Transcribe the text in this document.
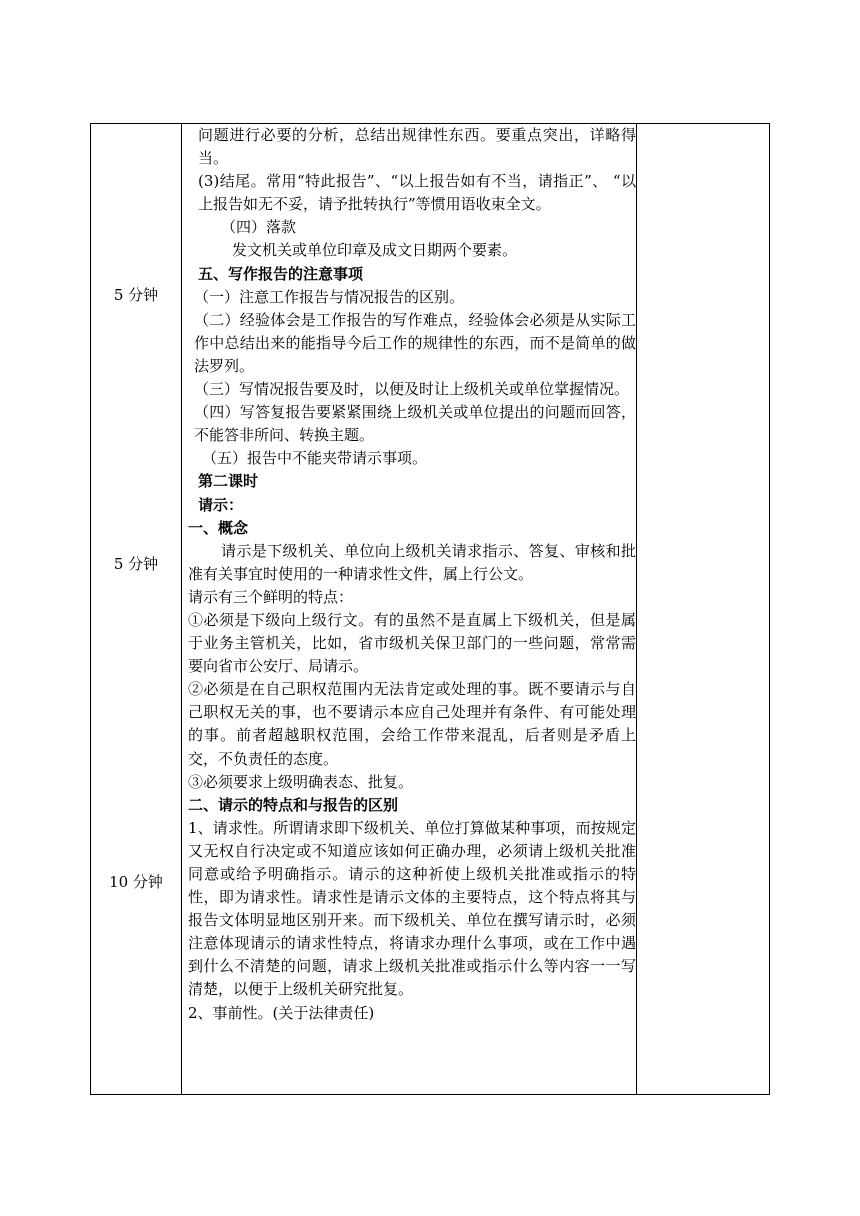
5 分钟
5 分钟
10 分钟

问题进行必要的分析，总结出规律性东西。要重点突出，详略得当。

(3)结尾。常用“特此报告”、“以上报告如有不当，请指正”、 “以上报告如无不妥，请予批转执行”等惯用语收束全文。

（四）落款

发文机关或单位印章及成文日期两个要素。

五、写作报告的注意事项

（一）注意工作报告与情况报告的区别。

（二）经验体会是工作报告的写作难点，经验体会必须是从实际工作中总结出来的能指导今后工作的规律性的东西，而不是简单的做法罗列。

（三）写情况报告要及时，以便及时让上级机关或单位掌握情况。

（四）写答复报告要紧紧围绕上级机关或单位提出的问题而回答，不能答非所问、转换主题。

（五）报告中不能夹带请示事项。

第二课时

请示：

一、概念

请示是下级机关、单位向上级机关请求指示、答复、审核和批准有关事宜时使用的一种请求性文件，属上行公文。

请示有三个鲜明的特点：

①必须是下级向上级行文。有的虽然不是直属上下级机关，但是属于业务主管机关，比如，省市级机关保卫部门的一些问题，常常需要向省市公安厅、局请示。

②必须是在自己职权范围内无法肯定或处理的事。既不要请示与自己职权无关的事，也不要请示本应自己处理并有条件、有可能处理的事。前者超越职权范围，会给工作带来混乱，后者则是矛盾上交，不负责任的态度。

③必须要求上级明确表态、批复。

二、请示的特点和与报告的区别

1、请求性。所谓请求即下级机关、单位打算做某种事项，而按规定又无权自行决定或不知道应该如何正确办理，必须请上级机关批准同意或给予明确指示。请示的这种祈使上级机关批准或指示的特性，即为请求性。请求性是请示文体的主要特点，这个特点将其与报告文体明显地区别开来。而下级机关、单位在撰写请示时，必须注意体现请示的请求性特点，将请求办理什么事项，或在工作中遇到什么不清楚的问题，请求上级机关批准或指示什么等内容一一写清楚，以便于上级机关研究批复。

2、事前性。(关于法律责任)
